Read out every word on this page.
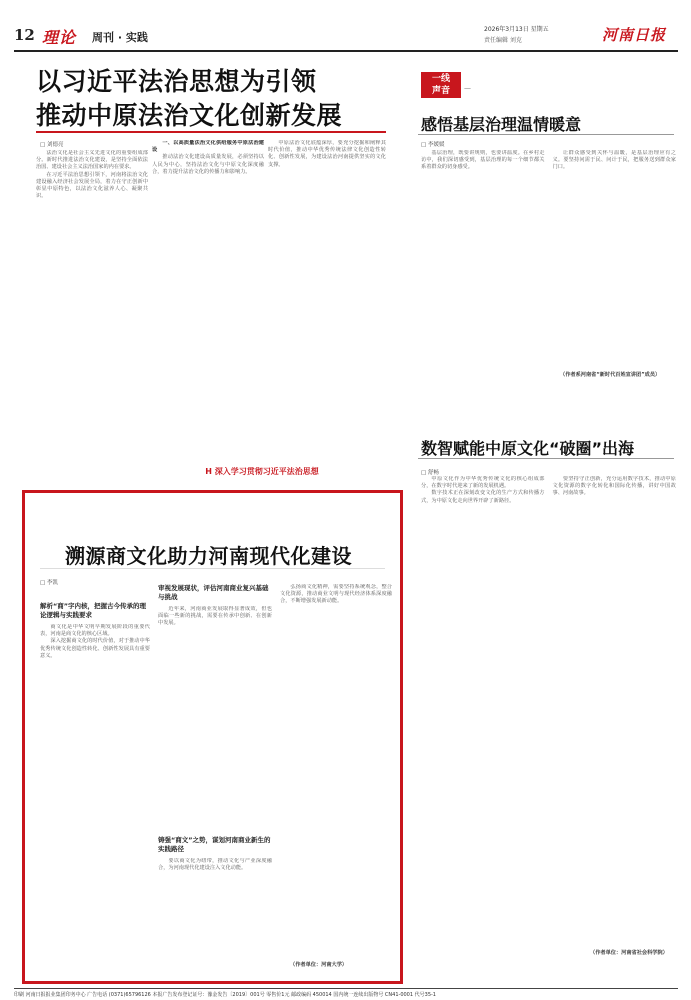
12 理论 周刊 · 实践
2026年3月13日 星期五
责任编辑 刘克	河南日报
以习近平法治思想为引领
推动中原法治文化创新发展
□ 刘德亮

法治文化是社会主义先进文化的重要组成部分。新时代推进法治文化建设，是坚持全面依法治国、建设社会主义法治国家的内在要求。

在习近平法治思想引领下，河南将法治文化建设融入经济社会发展全局，着力在守正创新中彰显中原特色，以法治文化滋养人心、凝聚共识。

一、以高质量法治文化供给服务中原法治建设

推动法治文化建设高质量发展，必须坚持以人民为中心，坚持法治文化与中原文化深度融合，着力提升法治文化的传播力和影响力。

中原法治文化底蕴深厚，要充分挖掘和阐释其时代价值，推动中华优秀传统法律文化创造性转化、创新性发展，为建设法治河南提供坚实的文化支撑。

H 深入学习贯彻习近平法治思想
一线
声音	—
感悟基层治理温情暖意
□ 李媛媛

基层治理，既要讲规则，也要讲温度。在乡村走访中，我们深切感受到，基层治理的每一个细节都关系着群众的切身感受。

让群众感受到关怀与温暖，是基层治理应有之义。要坚持问需于民、问计于民，把服务送到群众家门口。

（作者系河南省“新时代百姓宣讲团”成员）
数智赋能中原文化“破圈”出海
□ 舒畅

中原文化作为中华优秀传统文化的核心组成部分，在数字时代迎来了新的发展机遇。

数字技术正在深刻改变文化的生产方式和传播方式，为中原文化走向世界开辟了新路径。

要坚持守正创新，充分运用数字技术，推动中原文化资源的数字化转化和国际化传播，讲好中国故事、河南故事。

（作者单位：河南省社会科学院）
溯源商文化助力河南现代化建设
□ 李凯
解析“商”字内核，把握古今传承的理论逻辑与实践要求

商文化是中华文明早期发展阶段的重要代表，河南是商文化的核心区域。

深入挖掘商文化的时代价值，对于推动中华优秀传统文化创造性转化、创新性发展具有重要意义。

审视发展现状，评估河南商业复兴基础与挑战

近年来，河南商业发展取得显著成效，但也面临一些新的挑战，需要在传承中创新、在创新中发展。

铸强“商文”之势，谋划河南商业新生的实践路径

要以商文化为纽带，推动文化与产业深度融合，为河南现代化建设注入文化动能。

弘扬商文化精神，需要坚持系统观念，整合文化资源，推动商业文明与现代经济体系深度融合，不断增强发展新动能。

（作者单位：河南大学）
印刷 河南日报报业集团印务中心 广告电话 (0371)65796126 本报广告发布登记证号：豫金发告〔2019〕001号 零售价1元 邮政编码 450014 国内统一连续出版物号 CN41-0001 代号35-1
